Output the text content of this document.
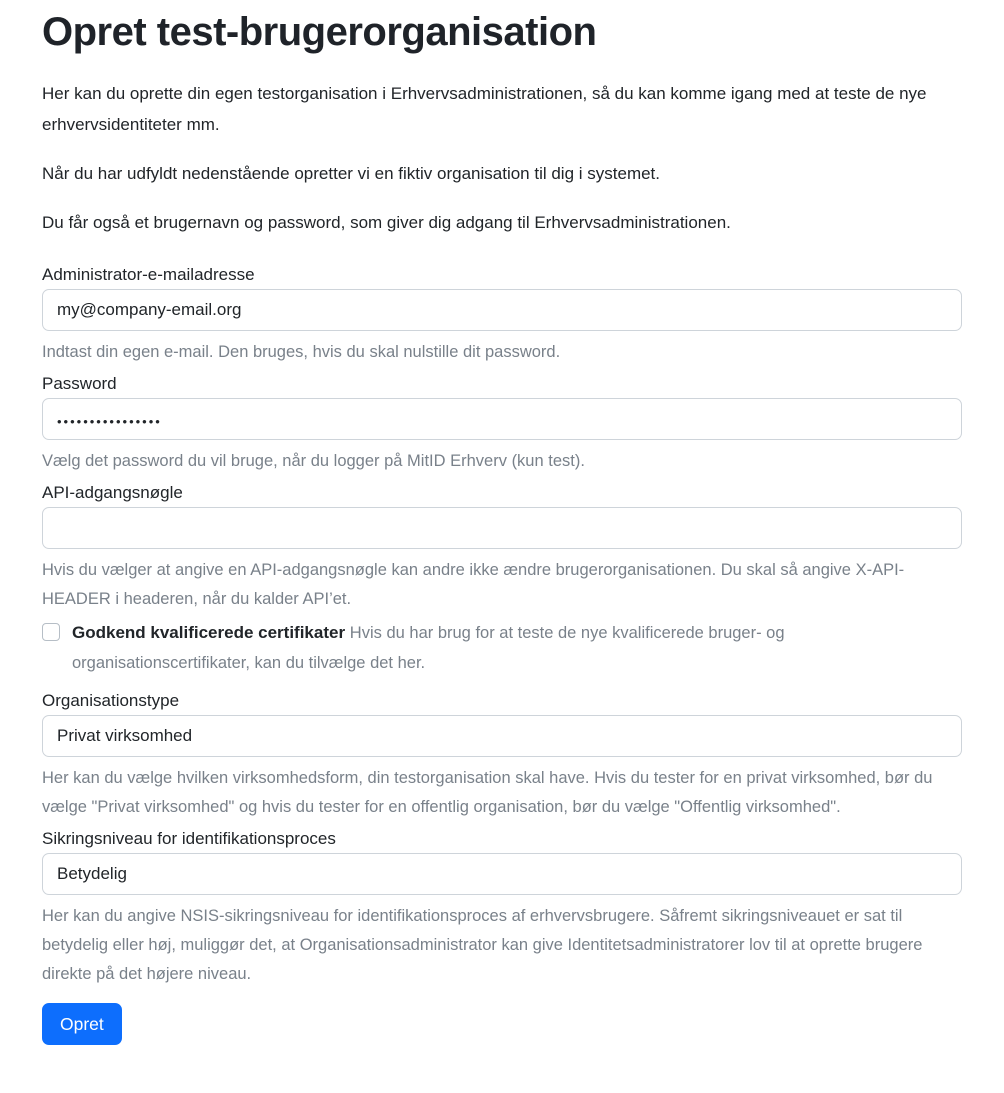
Opret test-brugerorganisation

Her kan du oprette din egen testorganisation i Erhvervsadministrationen, så du kan komme igang med at teste de nye erhvervsidentiteter mm.

Når du har udfyldt nedenstående opretter vi en fiktiv organisation til dig i systemet.

Du får også et brugernavn og password, som giver dig adgang til Erhvervsadministrationen.

Administrator-e-mailadresse
my@company-email.org
Indtast din egen e-mail. Den bruges, hvis du skal nulstille dit password.
Password
••••••••••••••••
Vælg det password du vil bruge, når du logger på MitID Erhverv (kun test).
API-adgangsnøgle
Hvis du vælger at angive en API-adgangsnøgle kan andre ikke ændre brugerorganisationen. Du skal så angive X-API-HEADER i headeren, når du kalder API’et.
Godkend kvalificerede certifikater Hvis du har brug for at teste de nye kvalificerede bruger- og organisationscertifikater, kan du tilvælge det her.
Organisationstype
Privat virksomhed
Her kan du vælge hvilken virksomhedsform, din testorganisation skal have. Hvis du tester for en privat virksomhed, bør du vælge "Privat virksomhed" og hvis du tester for en offentlig organisation, bør du vælge "Offentlig virksomhed".
Sikringsniveau for identifikationsproces
Betydelig
Her kan du angive NSIS-sikringsniveau for identifikationsproces af erhvervsbrugere. Såfremt sikringsniveauet er sat til betydelig eller høj, muliggør det, at Organisationsadministrator kan give Identitetsadministratorer lov til at oprette brugere direkte på det højere niveau.
Opret
